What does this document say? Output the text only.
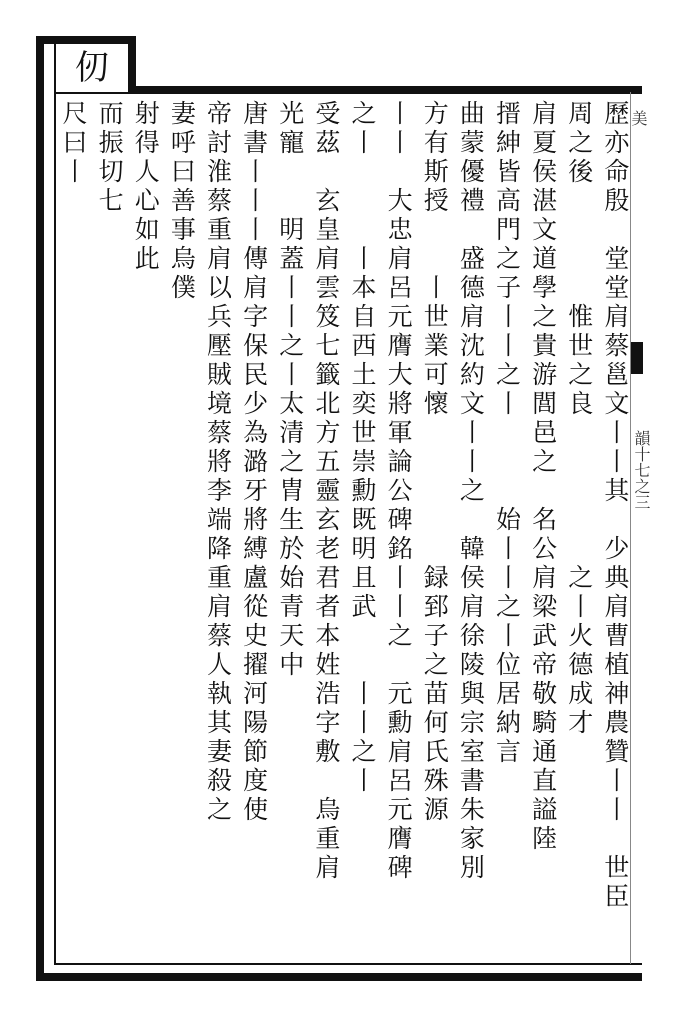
美
韻十七之三
仞
歷亦命殷　堂堂肩蔡邕文丨丨其　少典肩曹植神農贊丨丨　世臣
周之後　　　　惟世之良　　　　　之丨火德成才
肩夏侯湛文道學之貴游閭邑之　名公肩梁武帝敬騎通直謚陸
搢紳皆高門之子丨丨之丨　　　始丨丨之丨位居納言
曲蒙優禮　盛德肩沈約文丨丨之　韓侯肩徐陵與宗室書朱家別
方有斯授　　丨世業可懷　　　　　録郅子之苗何氏殊源
丨丨　大忠肩呂元膺大將軍論公碑銘丨丨之　元勳肩呂元膺碑
之丨　　　丨本自西土奕世崇勳既明且武　　丨丨之丨
受茲　玄皇肩雲笈七籤北方五靈玄老君者本姓浩字敷　烏重肩
光寵　　明蓋丨丨之丨太清之胄生於始青天中
唐書丨丨丨傳肩字保民少為潞牙將縛盧從史擢河陽節度使
帝討淮蔡重肩以兵壓賊境蔡將李端降重肩蔡人執其妻殺之
妻呼曰善事烏僕
射得人心如此
而振切七
尺曰丨
